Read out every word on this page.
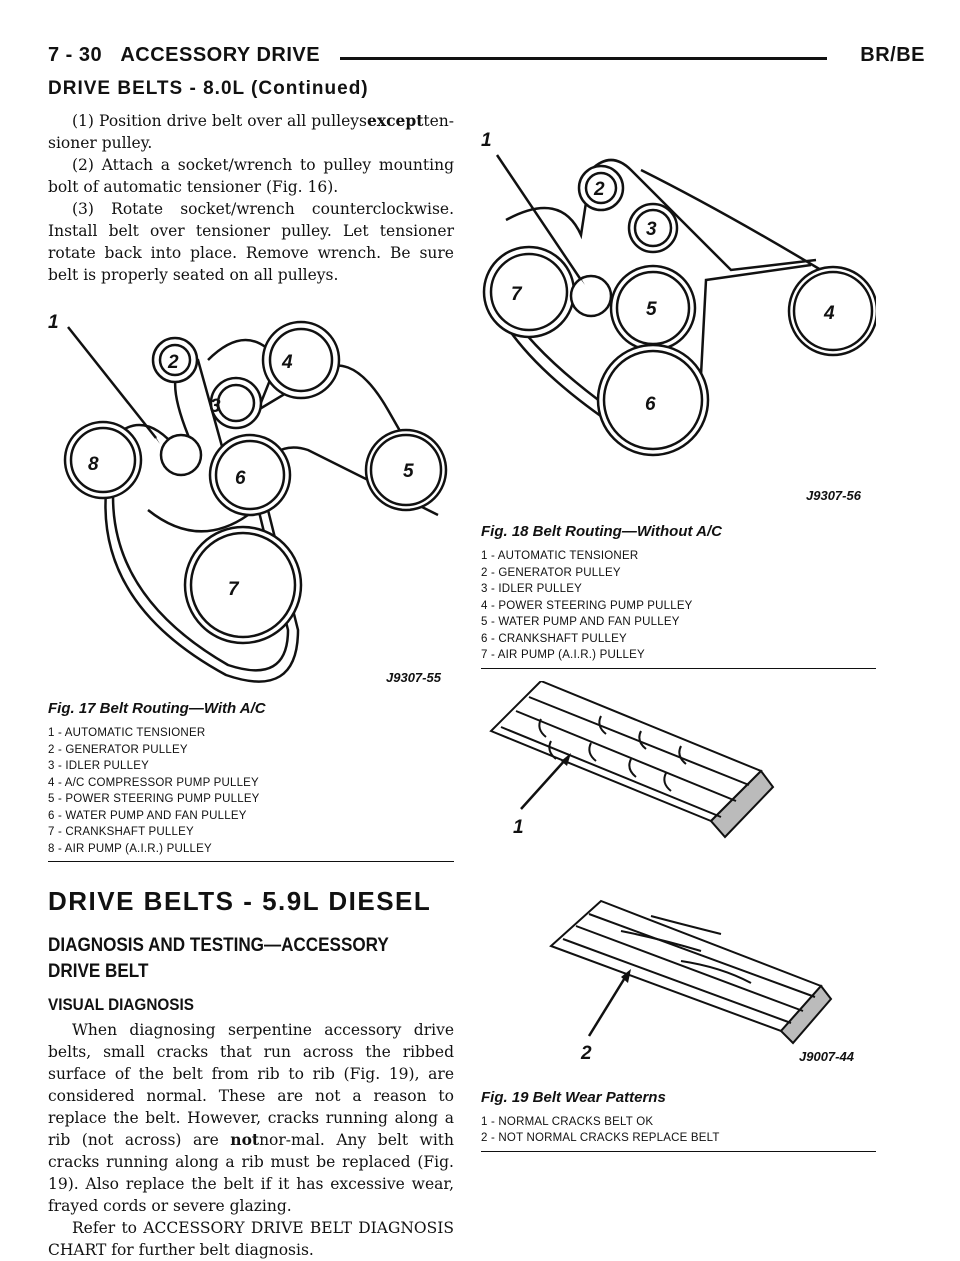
7 - 30 ACCESSORY DRIVE	BR/BE
DRIVE BELTS - 8.0L (Continued)

(1) Position drive belt over all pulleysexceptten-sioner pulley.

(2) Attach a socket/wrench to pulley mounting bolt of automatic tensioner (Fig. 16).

(3) Rotate socket/wrench counterclockwise. Install belt over tensioner pulley. Let tensioner rotate back into place. Remove wrench. Be sure belt is properly seated on all pulleys.

1
2
3
4
5
6
7
8
J9307-55
Fig. 17 Belt Routing—With A/C
1 - AUTOMATIC TENSIONER
2 - GENERATOR PULLEY
3 - IDLER PULLEY
4 - A/C COMPRESSOR PUMP PULLEY
5 - POWER STEERING PUMP PULLEY
6 - WATER PUMP AND FAN PULLEY
7 - CRANKSHAFT PULLEY
8 - AIR PUMP (A.I.R.) PULLEY
DRIVE BELTS - 5.9L DIESEL
DIAGNOSIS AND TESTING—ACCESSORY DRIVE BELT
VISUAL DIAGNOSIS

When diagnosing serpentine accessory drive belts, small cracks that run across the ribbed surface of the belt from rib to rib (Fig. 19), are considered normal. These are not a reason to replace the belt. However, cracks running along a rib (not across) are notnor-mal. Any belt with cracks running along a rib must be replaced (Fig. 19). Also replace the belt if it has excessive wear, frayed cords or severe glazing.

Refer to ACCESSORY DRIVE BELT DIAGNOSIS CHART for further belt diagnosis.

1
2
3
4
5
6
7
J9307-56
Fig. 18 Belt Routing—Without A/C
1 - AUTOMATIC TENSIONER
2 - GENERATOR PULLEY
3 - IDLER PULLEY
4 - POWER STEERING PUMP PULLEY
5 - WATER PUMP AND FAN PULLEY
6 - CRANKSHAFT PULLEY
7 - AIR PUMP (A.I.R.) PULLEY
1
2	J9007-44
Fig. 19 Belt Wear Patterns
1 - NORMAL CRACKS BELT OK
2 - NOT NORMAL CRACKS REPLACE BELT
